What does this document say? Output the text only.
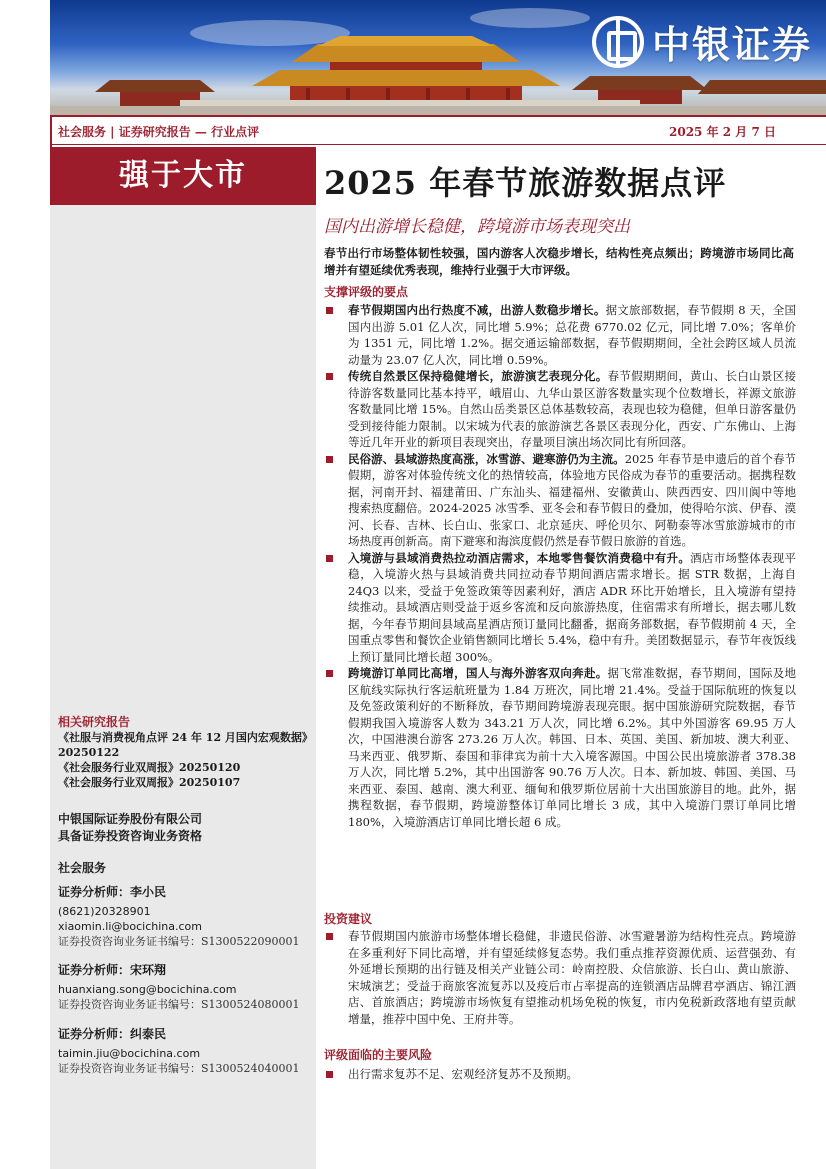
中银证券
社会服务 | 证券研究报告 — 行业点评	2025 年 2 月 7 日
强于大市
相关研究报告
《社服与消费视角点评 24 年 12 月国内宏观数据》20250122
《社会服务行业双周报》20250120
《社会服务行业双周报》20250107
中银国际证券股份有限公司
具备证券投资咨询业务资格
社会服务
证券分析师：李小民
(8621)20328901
xiaomin.li@bocichina.com
证券投资咨询业务证书编号：S1300522090001
证券分析师：宋环翔
huanxiang.song@bocichina.com
证券投资咨询业务证书编号：S1300524080001
证券分析师：纠泰民
taimin.jiu@bocichina.com
证券投资咨询业务证书编号：S1300524040001
2025 年春节旅游数据点评
国内出游增长稳健，跨境游市场表现突出
春节出行市场整体韧性较强，国内游客人次稳步增长，结构性亮点频出；跨境游市场同比高增并有望延续优秀表现，维持行业强于大市评级。
支撑评级的要点
春节假期国内出行热度不减，出游人数稳步增长。据文旅部数据，春节假期 8 天，全国国内出游 5.01 亿人次，同比增 5.9%；总花费 6770.02 亿元，同比增 7.0%；客单价为 1351 元，同比增 1.2%。据交通运输部数据，春节假期期间，全社会跨区域人员流动量为 23.07 亿人次，同比增 0.59%。
传统自然景区保持稳健增长，旅游演艺表现分化。春节假期期间，黄山、长白山景区接待游客数量同比基本持平，峨眉山、九华山景区游客数量实现个位数增长，祥源文旅游客数量同比增 15%。自然山岳类景区总体基数较高，表现也较为稳健，但单日游客量仍受到接待能力限制。以宋城为代表的旅游演艺各景区表现分化，西安、广东佛山、上海等近几年开业的新项目表现突出，存量项目演出场次同比有所回落。
民俗游、县域游热度高涨，冰雪游、避寒游仍为主流。2025 年春节是申遗后的首个春节假期，游客对体验传统文化的热情较高，体验地方民俗成为春节的重要活动。据携程数据，河南开封、福建莆田、广东汕头、福建福州、安徽黄山、陕西西安、四川阆中等地搜索热度翻倍。2024-2025 冰雪季、亚冬会和春节假日的叠加，使得哈尔滨、伊春、漠河、长春、吉林、长白山、张家口、北京延庆、呼伦贝尔、阿勒泰等冰雪旅游城市的市场热度再创新高。南下避寒和海滨度假仍然是春节假日旅游的首选。
入境游与县域消费热拉动酒店需求，本地零售餐饮消费稳中有升。酒店市场整体表现平稳，入境游火热与县域消费共同拉动春节期间酒店需求增长。据 STR 数据，上海自 24Q3 以来，受益于免签政策等因素利好，酒店 ADR 环比开始增长，且入境游有望持续推动。县域酒店则受益于返乡客流和反向旅游热度，住宿需求有所增长，据去哪儿数据，今年春节期间县域高星酒店预订量同比翻番，据商务部数据，春节假期前 4 天，全国重点零售和餐饮企业销售额同比增长 5.4%，稳中有升。美团数据显示，春节年夜饭线上预订量同比增长超 300%。
跨境游订单同比高增，国人与海外游客双向奔赴。据飞常准数据，春节期间，国际及地区航线实际执行客运航班量为 1.84 万班次，同比增 21.4%。受益于国际航班的恢复以及免签政策利好的不断释放，春节期间跨境游表现亮眼。据中国旅游研究院数据，春节假期我国入境游客人数为 343.21 万人次，同比增 6.2%。其中外国游客 69.95 万人次，中国港澳台游客 273.26 万人次。韩国、日本、英国、美国、新加坡、澳大利亚、马来西亚、俄罗斯、泰国和菲律宾为前十大入境客源国。中国公民出境旅游者 378.38 万人次，同比增 5.2%，其中出国游客 90.76 万人次。日本、新加坡、韩国、美国、马来西亚、泰国、越南、澳大利亚、缅甸和俄罗斯位居前十大出国旅游目的地。此外，据携程数据，春节假期，跨境游整体订单同比增长 3 成，其中入境游门票订单同比增 180%，入境游酒店订单同比增长超 6 成。
投资建议
春节假期国内旅游市场整体增长稳健，非遗民俗游、冰雪避暑游为结构性亮点。跨境游在多重利好下同比高增，并有望延续修复态势。我们重点推荐资源优质、运营强劲、有外延增长预期的出行链及相关产业链公司：岭南控股、众信旅游、长白山、黄山旅游、宋城演艺；受益于商旅客流复苏以及疫后市占率提高的连锁酒店品牌君亭酒店、锦江酒店、首旅酒店；跨境游市场恢复有望推动机场免税的恢复，市内免税新政落地有望贡献增量，推荐中国中免、王府井等。
评级面临的主要风险
出行需求复苏不足、宏观经济复苏不及预期。
